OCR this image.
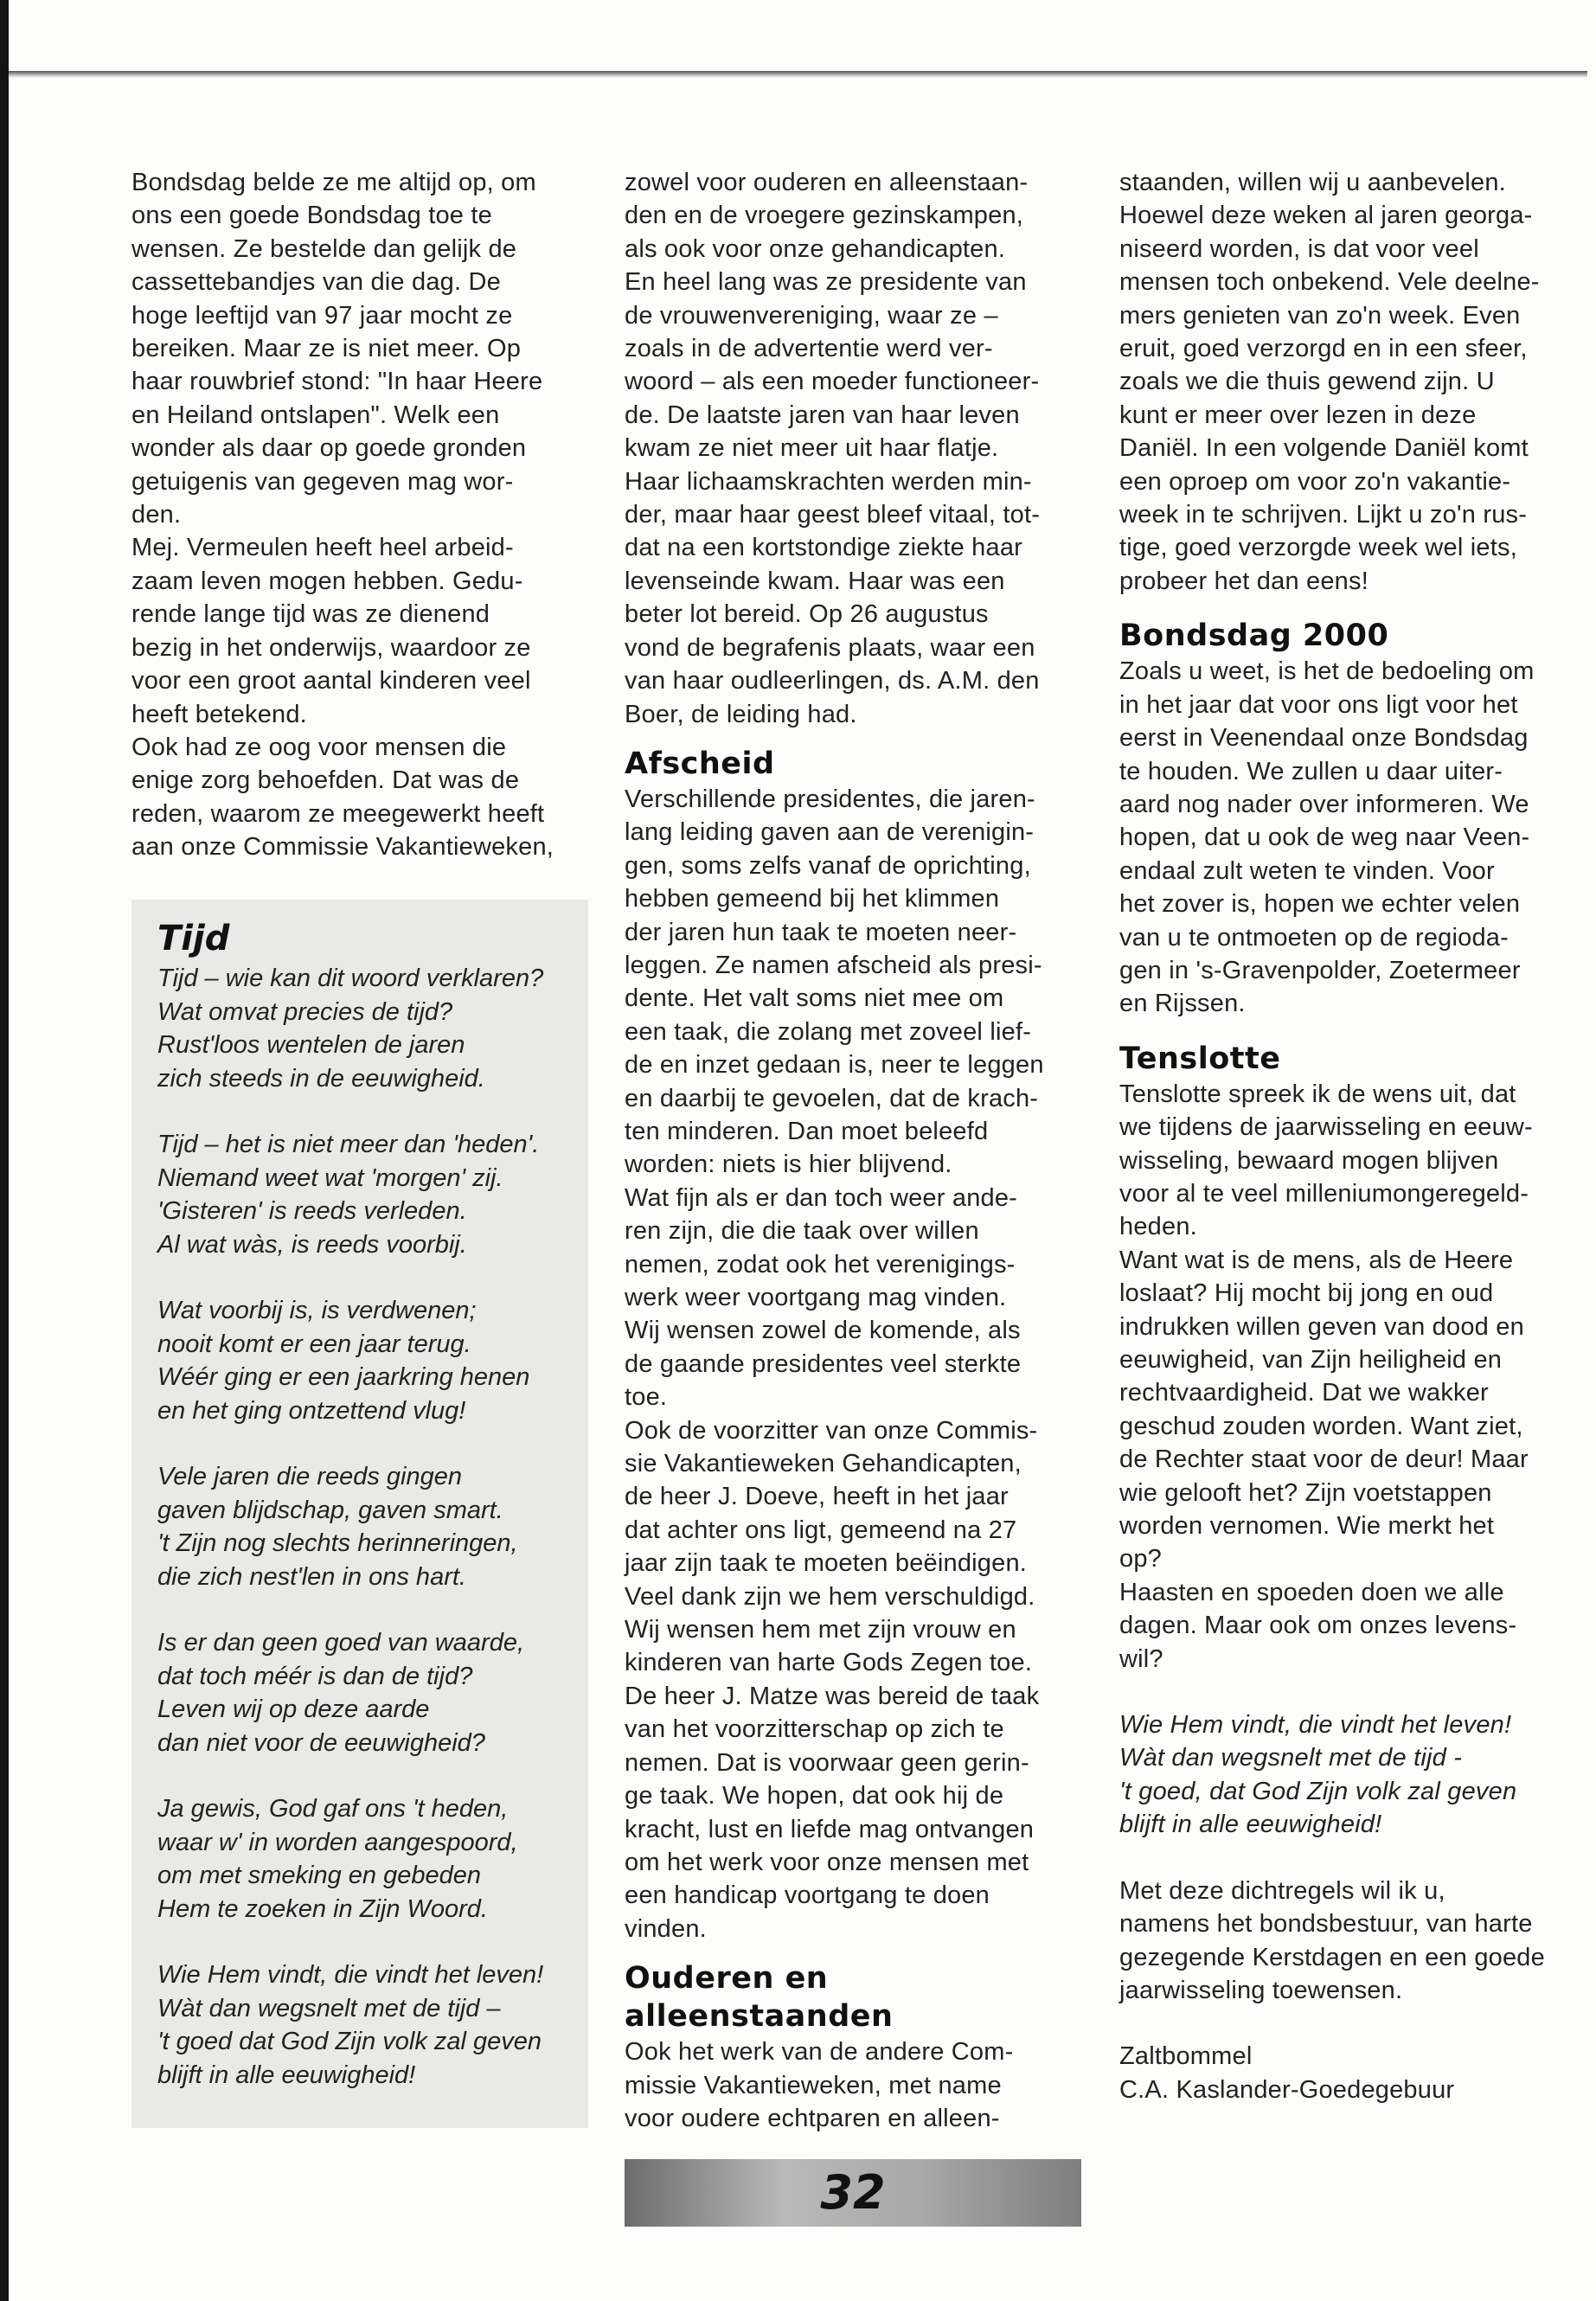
Bondsdag belde ze me altijd op, om
ons een goede Bondsdag toe te
wensen. Ze bestelde dan gelijk de
cassettebandjes van die dag. De
hoge leeftijd van 97 jaar mocht ze
bereiken. Maar ze is niet meer. Op
haar rouwbrief stond: "In haar Heere
en Heiland ontslapen". Welk een
wonder als daar op goede gronden
getuigenis van gegeven mag wor-
den.
Mej. Vermeulen heeft heel arbeid-
zaam leven mogen hebben. Gedu-
rende lange tijd was ze dienend
bezig in het onderwijs, waardoor ze
voor een groot aantal kinderen veel
heeft betekend.
Ook had ze oog voor mensen die
enige zorg behoefden. Dat was de
reden, waarom ze meegewerkt heeft
aan onze Commissie Vakantieweken,
Tijd
Tijd – wie kan dit woord verklaren?
Wat omvat precies de tijd?
Rust'loos wentelen de jaren
zich steeds in de eeuwigheid.
Tijd – het is niet meer dan 'heden'.
Niemand weet wat 'morgen' zij.
'Gisteren' is reeds verleden.
Al wat wàs, is reeds voorbij.
Wat voorbij is, is verdwenen;
nooit komt er een jaar terug.
Wéér ging er een jaarkring henen
en het ging ontzettend vlug!
Vele jaren die reeds gingen
gaven blijdschap, gaven smart.
't Zijn nog slechts herinneringen,
die zich nest'len in ons hart.
Is er dan geen goed van waarde,
dat toch méér is dan de tijd?
Leven wij op deze aarde
dan niet voor de eeuwigheid?
Ja gewis, God gaf ons 't heden,
waar w' in worden aangespoord,
om met smeking en gebeden
Hem te zoeken in Zijn Woord.
Wie Hem vindt, die vindt het leven!
Wàt dan wegsnelt met de tijd –
't goed dat God Zijn volk zal geven
blijft in alle eeuwigheid!
zowel voor ouderen en alleenstaan-
den en de vroegere gezinskampen,
als ook voor onze gehandicapten.
En heel lang was ze presidente van
de vrouwenvereniging, waar ze –
zoals in de advertentie werd ver-
woord – als een moeder functioneer-
de. De laatste jaren van haar leven
kwam ze niet meer uit haar flatje.
Haar lichaamskrachten werden min-
der, maar haar geest bleef vitaal, tot-
dat na een kortstondige ziekte haar
levenseinde kwam. Haar was een
beter lot bereid. Op 26 augustus
vond de begrafenis plaats, waar een
van haar oudleerlingen, ds. A.M. den
Boer, de leiding had.
Afscheid
Verschillende presidentes, die jaren-
lang leiding gaven aan de verenigin-
gen, soms zelfs vanaf de oprichting,
hebben gemeend bij het klimmen
der jaren hun taak te moeten neer-
leggen. Ze namen afscheid als presi-
dente. Het valt soms niet mee om
een taak, die zolang met zoveel lief-
de en inzet gedaan is, neer te leggen
en daarbij te gevoelen, dat de krach-
ten minderen. Dan moet beleefd
worden: niets is hier blijvend.
Wat fijn als er dan toch weer ande-
ren zijn, die die taak over willen
nemen, zodat ook het verenigings-
werk weer voortgang mag vinden.
Wij wensen zowel de komende, als
de gaande presidentes veel sterkte
toe.
Ook de voorzitter van onze Commis-
sie Vakantieweken Gehandicapten,
de heer J. Doeve, heeft in het jaar
dat achter ons ligt, gemeend na 27
jaar zijn taak te moeten beëindigen.
Veel dank zijn we hem verschuldigd.
Wij wensen hem met zijn vrouw en
kinderen van harte Gods Zegen toe.
De heer J. Matze was bereid de taak
van het voorzitterschap op zich te
nemen. Dat is voorwaar geen gerin-
ge taak. We hopen, dat ook hij de
kracht, lust en liefde mag ontvangen
om het werk voor onze mensen met
een handicap voortgang te doen
vinden.
Ouderen en alleenstaanden
Ook het werk van de andere Com-
missie Vakantieweken, met name
voor oudere echtparen en alleen-
staanden, willen wij u aanbevelen.
Hoewel deze weken al jaren georga-
niseerd worden, is dat voor veel
mensen toch onbekend. Vele deelne-
mers genieten van zo'n week. Even
eruit, goed verzorgd en in een sfeer,
zoals we die thuis gewend zijn. U
kunt er meer over lezen in deze
Daniël. In een volgende Daniël komt
een oproep om voor zo'n vakantie-
week in te schrijven. Lijkt u zo'n rus-
tige, goed verzorgde week wel iets,
probeer het dan eens!
Bondsdag 2000
Zoals u weet, is het de bedoeling om
in het jaar dat voor ons ligt voor het
eerst in Veenendaal onze Bondsdag
te houden. We zullen u daar uiter-
aard nog nader over informeren. We
hopen, dat u ook de weg naar Veen-
endaal zult weten te vinden. Voor
het zover is, hopen we echter velen
van u te ontmoeten op de regioda-
gen in 's-Gravenpolder, Zoetermeer
en Rijssen.
Tenslotte
Tenslotte spreek ik de wens uit, dat
we tijdens de jaarwisseling en eeuw-
wisseling, bewaard mogen blijven
voor al te veel milleniumongeregeld-
heden.
Want wat is de mens, als de Heere
loslaat? Hij mocht bij jong en oud
indrukken willen geven van dood en
eeuwigheid, van Zijn heiligheid en
rechtvaardigheid. Dat we wakker
geschud zouden worden. Want ziet,
de Rechter staat voor de deur! Maar
wie gelooft het? Zijn voetstappen
worden vernomen. Wie merkt het
op?
Haasten en spoeden doen we alle
dagen. Maar ook om onzes levens-
wil?
Wie Hem vindt, die vindt het leven!
Wàt dan wegsnelt met de tijd -
't goed, dat God Zijn volk zal geven
blijft in alle eeuwigheid!
Met deze dichtregels wil ik u,
namens het bondsbestuur, van harte
gezegende Kerstdagen en een goede
jaarwisseling toewensen.
Zaltbommel
C.A. Kaslander-Goedegebuur
32
